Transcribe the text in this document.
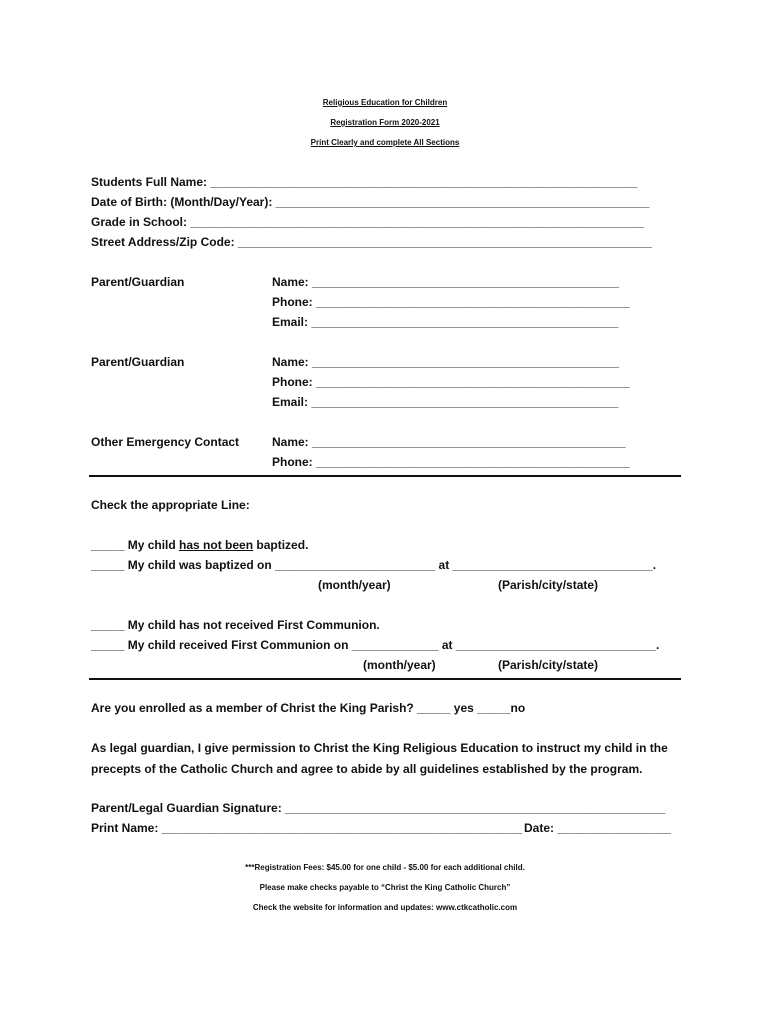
Religious Education for Children
Registration Form 2020-2021
Print Clearly and complete All Sections
Students Full Name: ________________________________________________________________
Date of Birth: (Month/Day/Year): ________________________________________________________
Grade in School: ____________________________________________________________________
Street Address/Zip Code: ______________________________________________________________
Parent/Guardian	Name: ______________________________________________
Phone: _______________________________________________
Email: ______________________________________________
Parent/Guardian	Name: ______________________________________________
Phone: _______________________________________________
Email: ______________________________________________
Other Emergency Contact	Name: _______________________________________________
Phone: _______________________________________________
Check the appropriate Line:
_____ My child has not been baptized.
_____ My child was baptized on ________________________ at ______________________________.
(month/year)	(Parish/city/state)
_____ My child has not received First Communion.
_____ My child received First Communion on _____________ at ______________________________.
(month/year)	(Parish/city/state)
Are you enrolled as a member of Christ the King Parish? _____ yes _____no
As legal guardian, I give permission to Christ the King Religious Education to instruct my child in the
precepts of the Catholic Church and agree to abide by all guidelines established by the program.
Parent/Legal Guardian Signature: _________________________________________________________
Print Name: ______________________________________________________ Date: _________________
***Registration Fees: $45.00 for one child - $5.00 for each additional child.
Please make checks payable to “Christ the King Catholic Church”
Check the website for information and updates: www.ctkcatholic.com
